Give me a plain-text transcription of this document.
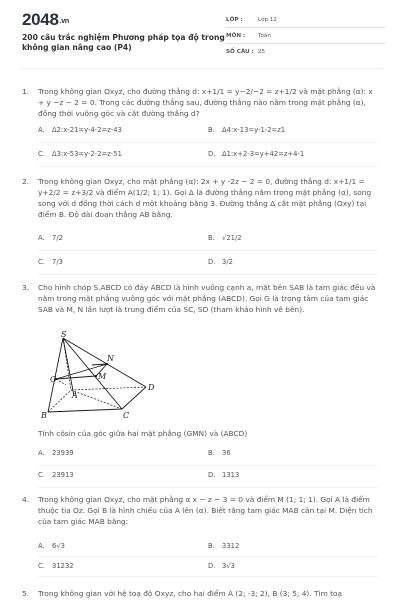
2048.vn
200 câu trắc nghiệm Phương pháp tọa độ trong không gian nâng cao (P4)
LỚP :	Lớp 12
MÔN :	Toán
SỐ CÂU : 25
1.	Trong không gian Oxyz, cho đường thẳng d: x+1/1 = y−2/−2 = z+1/2 và mặt phẳng (α): x + y −z − 2 = 0. Trong các đường thẳng sau, đường thẳng nào nằm trong mặt phẳng (α), đồng thời vuông góc và cắt đường thẳng d?
A. Δ2:x-21=y-4-2=z-43	B. Δ4:x-13=y-1-2=z1
C. Δ3:x-53=y-2-2=z-51	D. Δ1:x+2-3=y+42=z+4-1
2.	Trong không gian Oxyz, cho mặt phẳng (α): 2x + y -2z − 2 = 0, đường thẳng d: x+1/1 = y+2/2 = z+3/2 và điểm A(1/2; 1; 1). Gọi Δ là đường thẳng nằm trong mặt phẳng (α), song song với d đồng thời cách d một khoảng bằng 3. Đường thẳng Δ cắt mặt phẳng (Oxy) tại điểm B. Độ dài đoạn thẳng AB bằng.
A. 7/2	B. √21/2
C. 7/3	D. 3/2
3.	Cho hình chóp S.ABCD có đáy ABCD là hình vuông cạnh a, mặt bên SAB là tam giác đều và nằm trong mặt phẳng vuông góc với mặt phẳng (ABCD). Gọi G là trọng tâm của tam giác SAB và M, N lần lượt là trung điểm của SC, SD (tham khảo hình vẽ bên).
S
N
M
D
G
A
B	C
Tính côsin của góc giữa hai mặt phẳng (GMN) và (ABCD)
A. 23939	B. 36
C. 23913	D. 1313
4.	Trong không gian Oxyz, cho mặt phẳng α x − z − 3 = 0 và điểm M (1; 1; 1). Gọi A là điểm thuộc tia Oz. Gọi B là hình chiếu của A lên (α). Biết rằng tam giác MAB cân tại M. Diện tích của tam giác MAB bằng:
A. 6√3	B. 3312
C. 31232	D. 3√3
5.	Trong không gian với hệ toạ độ Oxyz, cho hai điểm A (2; -3; 2), B (3; 5; 4). Tìm toạ
